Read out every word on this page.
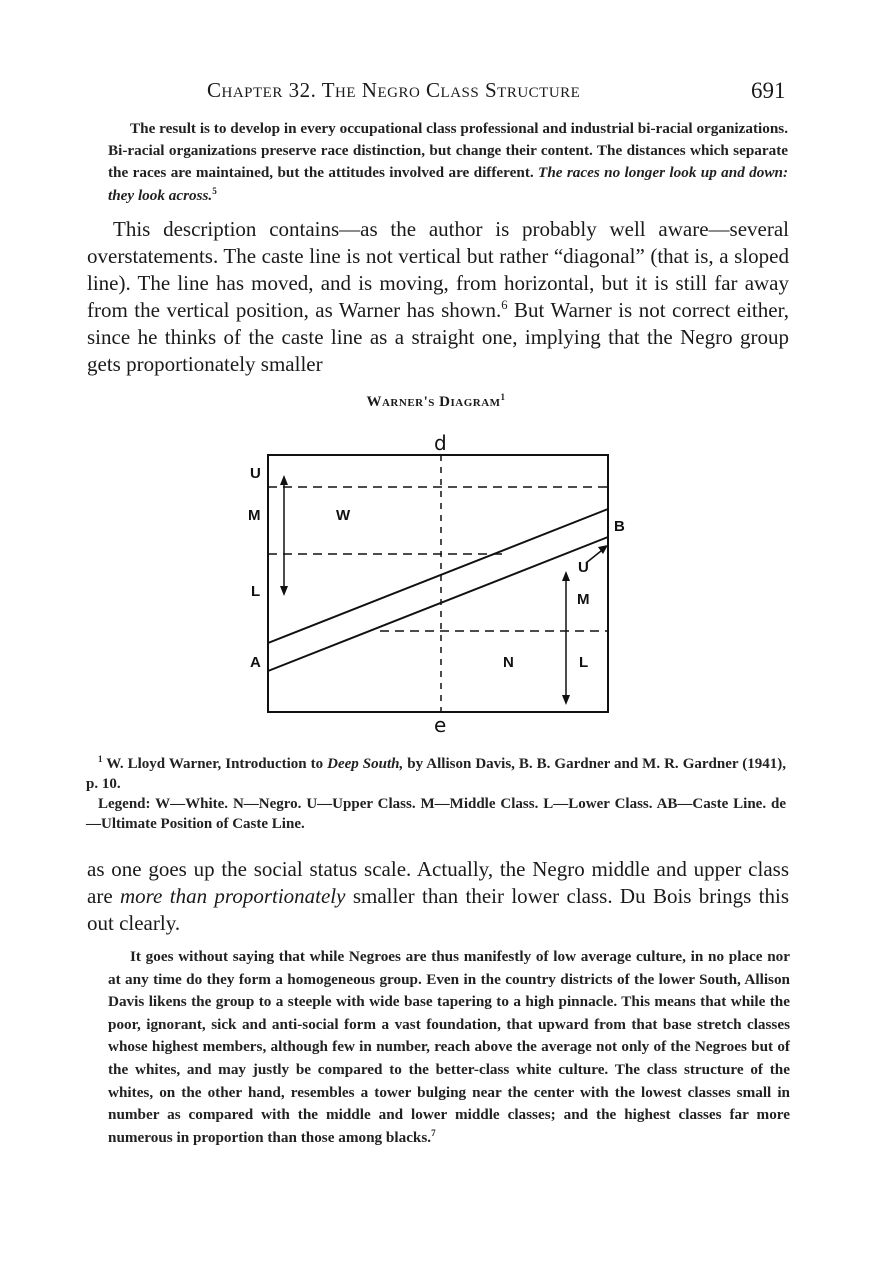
Chapter 32. The Negro Class Structure	691

The result is to develop in every occupational class professional and industrial bi-racial organizations. Bi-racial organizations preserve race distinction, but change their content. The distances which separate the races are maintained, but the attitudes involved are different. The races no longer look up and down: they look across.$^5$

This description contains—as the author is probably well aware—several overstatements. The caste line is not vertical but rather “diagonal” (that is, a sloped line). The line has moved, and is moving, from horizontal, but it is still far away from the vertical position, as Warner has shown.$^6$ But Warner is not correct either, since he thinks of the caste line as a straight one, implying that the Negro group gets proportionately smaller

Warner's Diagram$^1$
d
e
U
M
L
A
B
W
N
U
M
L

$^1$ W. Lloyd Warner, Introduction to Deep South, by Allison Davis, B. B. Gardner and M. R. Gardner (1941), p. 10.

Legend: W—White. N—Negro. U—Upper Class. M—Middle Class. L—Lower Class. AB—Caste Line. de—Ultimate Position of Caste Line.

as one goes up the social status scale. Actually, the Negro middle and upper class are more than proportionately smaller than their lower class. Du Bois brings this out clearly.

It goes without saying that while Negroes are thus manifestly of low average culture, in no place nor at any time do they form a homogeneous group. Even in the country districts of the lower South, Allison Davis likens the group to a steeple with wide base tapering to a high pinnacle. This means that while the poor, ignorant, sick and anti-social form a vast foundation, that upward from that base stretch classes whose highest members, although few in number, reach above the average not only of the Negroes but of the whites, and may justly be compared to the better-class white culture. The class structure of the whites, on the other hand, resembles a tower bulging near the center with the lowest classes small in number as compared with the middle and lower middle classes; and the highest classes far more numerous in proportion than those among blacks.$^7$
